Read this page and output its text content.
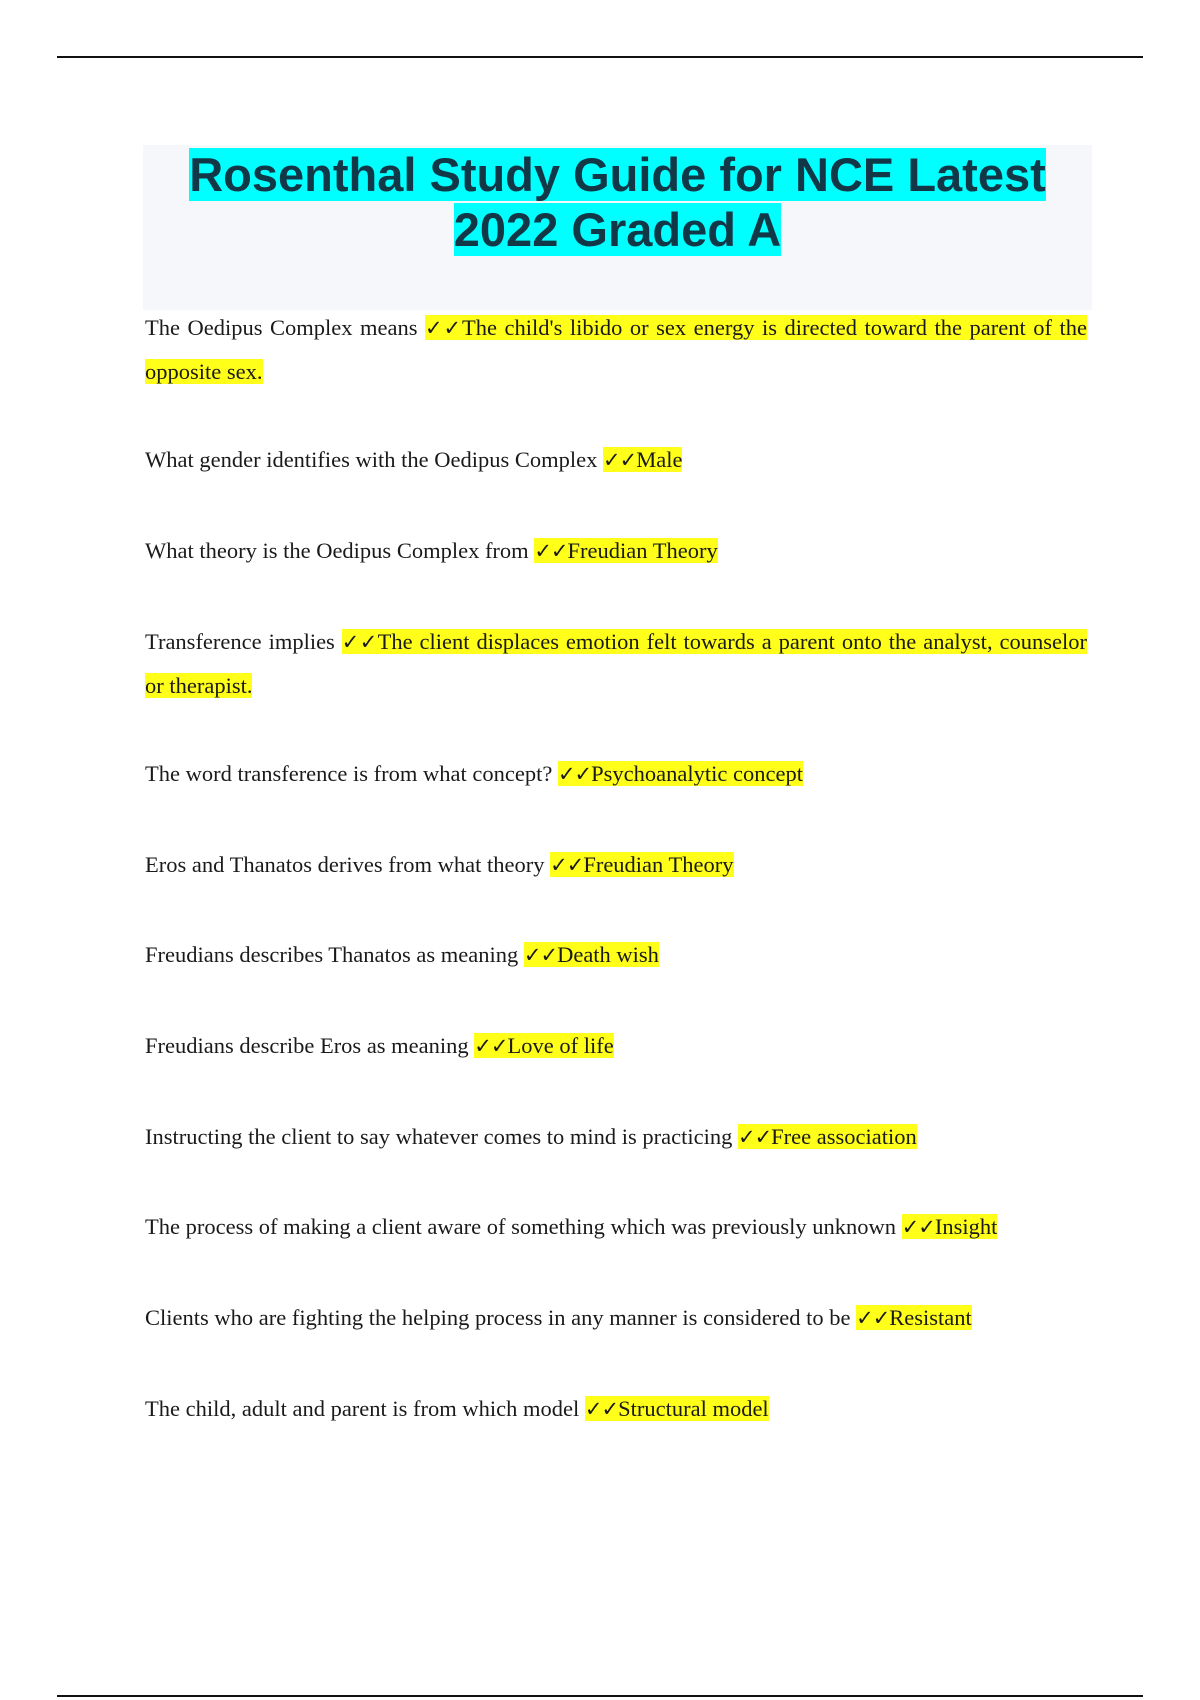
Rosenthal Study Guide for NCE Latest
2022 Graded A

The Oedipus Complex means ✓✓The child's libido or sex energy is directed toward the parent of the opposite sex.

What gender identifies with the Oedipus Complex ✓✓Male

What theory is the Oedipus Complex from ✓✓Freudian Theory

Transference implies ✓✓The client displaces emotion felt towards a parent onto the analyst, counselor or therapist.

The word transference is from what concept? ✓✓Psychoanalytic concept

Eros and Thanatos derives from what theory ✓✓Freudian Theory

Freudians describes Thanatos as meaning ✓✓Death wish

Freudians describe Eros as meaning ✓✓Love of life

Instructing the client to say whatever comes to mind is practicing ✓✓Free association

The process of making a client aware of something which was previously unknown ✓✓Insight

Clients who are fighting the helping process in any manner is considered to be ✓✓Resistant

The child, adult and parent is from which model ✓✓Structural model
